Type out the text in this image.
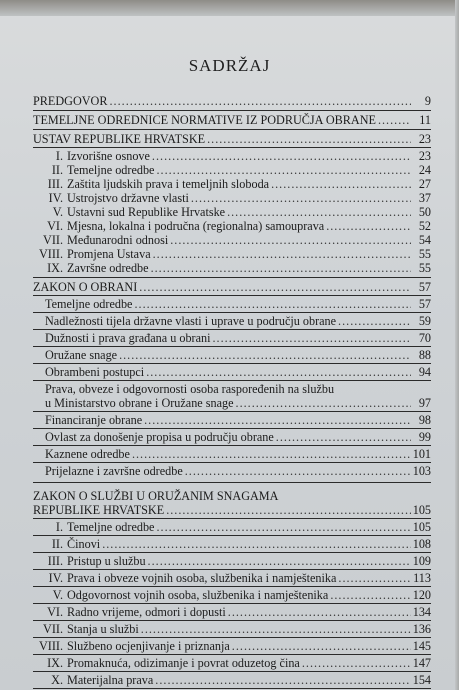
SADRŽAJ
PREDGOVOR .....	9
TEMELJNE ODREDNICE NORMATIVE IZ PODRUČJA OBRANE .....	11
USTAV REPUBLIKE HRVATSKE .....	23
I. Izvorišne osnove .....	23
II. Temeljne odredbe .....	24
III. Zaštita ljudskih prava i temeljnih sloboda .....	27
IV. Ustrojstvo državne vlasti .....	37
V. Ustavni sud Republike Hrvatske .....	50
VI. Mjesna, lokalna i područna (regionalna) samouprava .....	52
VII. Međunarodni odnosi .....	54
VIII. Promjena Ustava .....	55
IX. Završne odredbe .....	55
ZAKON O OBRANI .....	57
Temeljne odredbe .....	57
Nadležnosti tijela državne vlasti i uprave u području obrane .....	59
Dužnosti i prava građana u obrani .....	70
Oružane snage .....	88
Obrambeni postupci .....	94
Prava, obveze i odgovornosti osoba raspoređenih na službu
u Ministarstvo obrane i Oružane snage .....	97
Financiranje obrane .....	98
Ovlast za donošenje propisa u području obrane .....	99
Kaznene odredbe .....	101
Prijelazne i završne odredbe .....	103
ZAKON O SLUŽBI U ORUŽANIM SNAGAMA
REPUBLIKE HRVATSKE .....	105
I. Temeljne odredbe .....	105
II. Činovi .....	108
III. Pristup u službu .....	109
IV. Prava i obveze vojnih osoba, službenika i namještenika .....	113
V. Odgovornost vojnih osoba, službenika i namještenika .....	120
VI. Radno vrijeme, odmori i dopusti .....	134
VII. Stanja u službi .....	136
VIII. Službeno ocjenjivanje i priznanja .....	145
IX. Promaknuća, odizimanje i povrat oduzetog čina .....	147
X. Materijalna prava .....	154
